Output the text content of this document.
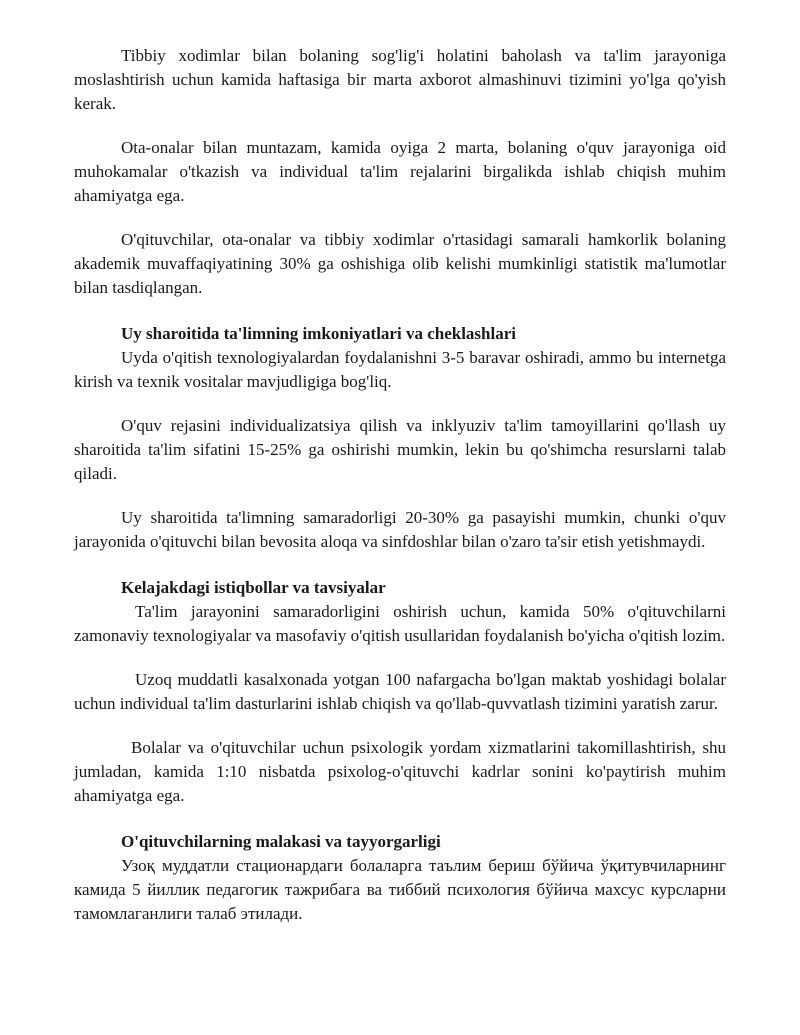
Tibbiy xodimlar bilan bolaning sog'lig'i holatini baholash va ta'lim jarayoniga moslashtirish uchun kamida haftasiga bir marta axborot almashinuvi tizimini yo'lga qo'yish kerak.

Ota-onalar bilan muntazam, kamida oyiga 2 marta, bolaning o'quv jarayoniga oid muhokamalar o'tkazish va individual ta'lim rejalarini birgalikda ishlab chiqish muhim ahamiyatga ega.

O'qituvchilar, ota-onalar va tibbiy xodimlar o'rtasidagi samarali hamkorlik bolaning akademik muvaffaqiyatining 30% ga oshishiga olib kelishi mumkinligi statistik ma'lumotlar bilan tasdiqlangan.

Uy sharoitida ta'limning imkoniyatlari va cheklashlari

Uyda o'qitish texnologiyalardan foydalanishni 3-5 baravar oshiradi, ammo bu internetga kirish va texnik vositalar mavjudligiga bog'liq.

O'quv rejasini individualizatsiya qilish va inklyuziv ta'lim tamoyillarini qo'llash uy sharoitida ta'lim sifatini 15-25% ga oshirishi mumkin, lekin bu qo'shimcha resurslarni talab qiladi.

Uy sharoitida ta'limning samaradorligi 20-30% ga pasayishi mumkin, chunki o'quv jarayonida o'qituvchi bilan bevosita aloqa va sinfdoshlar bilan o'zaro ta'sir etish yetishmaydi.

Kelajakdagi istiqbollar va tavsiyalar

Ta'lim jarayonini samaradorligini oshirish uchun, kamida 50% o'qituvchilarni zamonaviy texnologiyalar va masofaviy o'qitish usullaridan foydalanish bo'yicha o'qitish lozim.

Uzoq muddatli kasalxonada yotgan 100 nafargacha bo'lgan maktab yoshidagi bolalar uchun individual ta'lim dasturlarini ishlab chiqish va qo'llab-quvvatlash tizimini yaratish zarur.

Bolalar va o'qituvchilar uchun psixologik yordam xizmatlarini takomillashtirish, shu jumladan, kamida 1:10 nisbatda psixolog-o'qituvchi kadrlar sonini ko'paytirish muhim ahamiyatga ega.

O'qituvchilarning malakasi va tayyorgarligi

Узоқ муддатли стационардаги болаларга таълим бериш бўйича ўқитувчиларнинг камида 5 йиллик педагогик тажрибага ва тиббий психология бўйича махсус курсларни тамомлаганлиги талаб этилади.
